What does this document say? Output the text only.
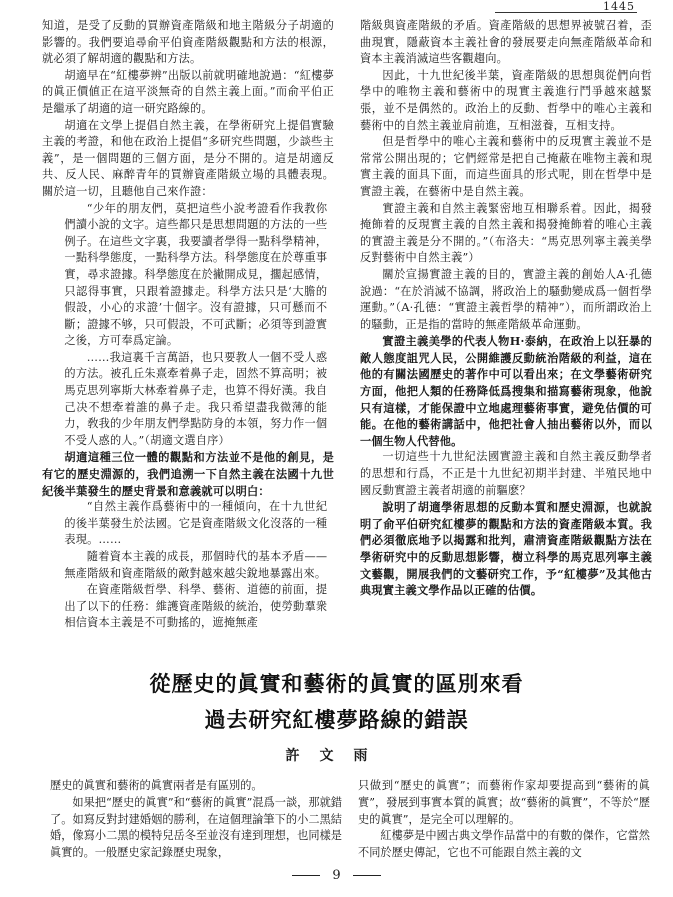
1445

知道，是受了反動的買辦資產階級和地主階級分子胡適的影響的。我們要追尋俞平伯資產階級觀點和方法的根源，就必須了解胡適的觀點和方法。

胡適早在“紅樓夢辨”出版以前就明確地說過：“紅樓夢的眞正價値正在這平淡無奇的自然主義上面。”而俞平伯正是繼承了胡適的這一研究路線的。

胡適在文學上提倡自然主義，在學術研究上提倡實驗主義的考證，和他在政治上提倡“多研究些問題，少談些主義”，是一個問題的三個方面，是分不開的。這是胡適反共、反人民、麻醉青年的買辦資產階級立場的具體表現。關於這一切，且聽他自己來作證：

“少年的朋友們，莫把這些小說考證看作我教你們讀小說的文字。這些都只是思想問題的方法的一些例子。在這些文字裏，我要讀者學得一點科學精神，一點科學態度，一點科學方法。科學態度在於尊重事實，尋求證據。科學態度在於撇開成見，擱起感情，只認得事實，只跟着證據走。科學方法只是‘大膽的假設，小心的求證’十個字。沒有證據，只可懸而不斷；證據不够，只可假設，不可武斷；必須等到證實之後，方可奉爲定論。

……我這裏千言萬語，也只要教人一個不受人惑的方法。被孔丘朱熹牽着鼻子走，固然不算高明；被馬克思列寧斯大林牽着鼻子走，也算不得好漢。我自己决不想牽着誰的鼻子走。我只希望盡我微薄的能力，敎我的少年朋友們學點防身的本領，努力作一個不受人惑的人。”（胡適文選自序）

胡適這種三位一體的觀點和方法並不是他的創見，是有它的歷史淵源的，我們追溯一下自然主義在法國十九世紀後半葉發生的歷史背景和意義就可以明白：

“自然主義作爲藝術中的一種傾向，在十九世紀的後半葉發生於法國。它是資產階級文化沒落的一種表現。……

隨着資本主義的成長，那個時代的基本矛盾——無產階級和資產階級的敵對越來越尖銳地暴露出來。

在資產階級哲學、科學、藝術、道德的前面，提出了以下的任務：維護資產階級的統治，使勞動羣衆相信資本主義是不可動搖的，遮掩無產

階級與資產階級的矛盾。資產階級的思想界被號召着，歪曲現實，隱蔽資本主義社會的發展要走向無產階級革命和資本主義消滅這些客觀趨向。

因此，十九世紀後半葉，資產階級的思想與從們向哲學中的唯物主義和藝術中的現實主義進行鬥爭越來越緊張，並不是偶然的。政治上的反動、哲學中的唯心主義和藝術中的自然主義並肩前進，互相滋養，互相支持。

但是哲學中的唯心主義和藝術中的反現實主義並不是常常公開出現的；它們經常是把自己掩蔽在唯物主義和現實主義的面具下面，而這些面具的形式呢，則在哲學中是實證主義，在藝術中是自然主義。

實證主義和自然主義緊密地互相聯系着。因此，揭發掩飾着的反現實主義的自然主義和揭發掩飾着的唯心主義的實證主義是分不開的。”（布洛夫：“馬克思列寧主義美學反對藝術中自然主義”）

關於宣揚實證主義的目的，實證主義的創始人A·孔德說過：“在於消滅不協調，將政治上的騷動變成爲一個哲學運動。”（A·孔德：“實證主義哲學的精神”），而所謂政治上的騷動，正是指的當時的無產階級革命運動。

實證主義美學的代表人物H·泰納，在政治上以狂暴的敵人態度詛咒人民，公開維護反動統治階級的利益，這在他的有關法國歷史的著作中可以看出來；在文學藝術研究方面，他把人類的任務降低爲搜集和描寫藝術現象，他說只有這樣，才能保證中立地處理藝術事實，避免估價的可能。在他的藝術講話中，他把社會人抽出藝術以外，而以一個生物人代替他。

一切這些十九世紀法國實證主義和自然主義反動學者的思想和行爲，不正是十九世紀初期半封建、半殖民地中國反動實證主義者胡適的前驅麽？

說明了胡適學術思想的反動本質和歷史淵源，也就說明了俞平伯研究紅樓夢的觀點和方法的資產階級本質。我們必須徹底地予以揭露和批判，肅淸資產階級觀點方法在學術研究中的反動思想影響，樹立科學的馬克思列寧主義文藝觀，開展我們的文藝研究工作，予“紅樓夢”及其他古典現實主義文學作品以正確的估價。

從歷史的眞實和藝術的眞實的區別來看
過去研究紅樓夢路線的錯誤
許文雨

歷史的眞實和藝術的眞實兩者是有區別的。

如果把“歷史的眞實”和“藝術的眞實”混爲一談，那就錯了。如寫反對封建婚姻的勝利，在這個理論筆下的小二黑結婚，像寫小二黑的模特兒岳冬至並沒有達到理想，也同樣是眞實的。一般歷史家記錄歷史現象，

只做到“歷史的眞實”；而藝術作家却要提高到“藝術的眞實”，發展到事實本質的眞實；故“藝術的眞實”，不等於“歷史的眞實”，是完全可以理解的。

紅樓夢是中國古典文學作品當中的有數的傑作，它當然不同於歷史傳記，它也不可能跟自然主義的文

9
